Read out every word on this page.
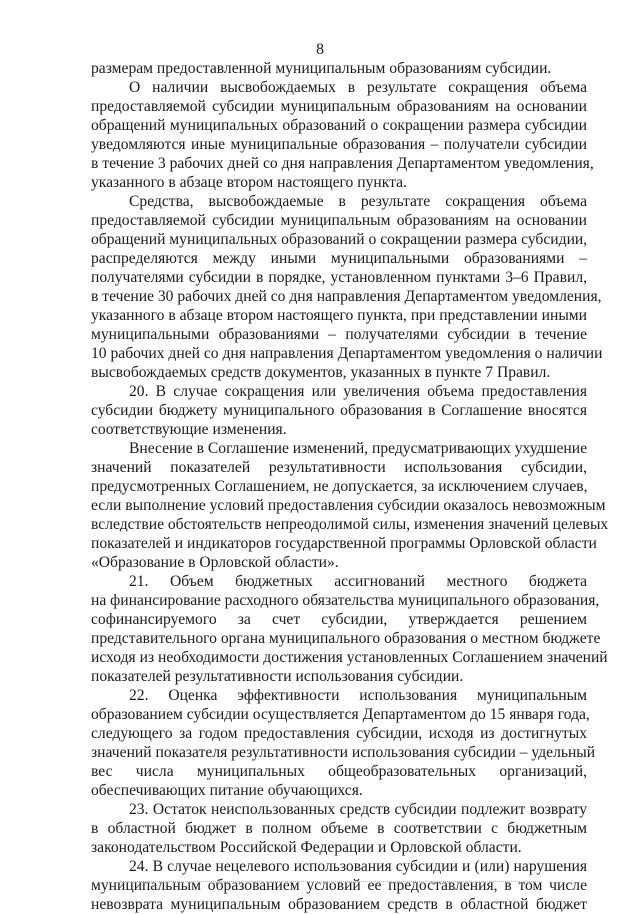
8
размерам предоставленной муниципальным образованиям субсидии.
О наличии высвобождаемых в результате сокращения объема
предоставляемой субсидии муниципальным образованиям на основании
обращений муниципальных образований о сокращении размера субсидии
уведомляются иные муниципальные образования – получатели субсидии
в течение 3 рабочих дней со дня направления Департаментом уведомления,
указанного в абзаце втором настоящего пункта.
Средства, высвобождаемые в результате сокращения объема
предоставляемой субсидии муниципальным образованиям на основании
обращений муниципальных образований о сокращении размера субсидии,
распределяются между иными муниципальными образованиями –
получателями субсидии в порядке, установленном пунктами 3–6 Правил,
в течение 30 рабочих дней со дня направления Департаментом уведомления,
указанного в абзаце втором настоящего пункта, при представлении иными
муниципальными образованиями – получателями субсидии в течение
10 рабочих дней со дня направления Департаментом уведомления о наличии
высвобождаемых средств документов, указанных в пункте 7 Правил.
20. В случае сокращения или увеличения объема предоставления
субсидии бюджету муниципального образования в Соглашение вносятся
соответствующие изменения.
Внесение в Соглашение изменений, предусматривающих ухудшение
значений показателей результативности использования субсидии,
предусмотренных Соглашением, не допускается, за исключением случаев,
если выполнение условий предоставления субсидии оказалось невозможным
вследствие обстоятельств непреодолимой силы, изменения значений целевых
показателей и индикаторов государственной программы Орловской области
«Образование в Орловской области».
21. Объем бюджетных ассигнований местного бюджета
на финансирование расходного обязательства муниципального образования,
софинансируемого за счет субсидии, утверждается решением
представительного органа муниципального образования о местном бюджете
исходя из необходимости достижения установленных Соглашением значений
показателей результативности использования субсидии.
22. Оценка эффективности использования муниципальным
образованием субсидии осуществляется Департаментом до 15 января года,
следующего за годом предоставления субсидии, исходя из достигнутых
значений показателя результативности использования субсидии – удельный
вес числа муниципальных общеобразовательных организаций,
обеспечивающих питание обучающихся.
23. Остаток неиспользованных средств субсидии подлежит возврату
в областной бюджет в полном объеме в соответствии с бюджетным
законодательством Российской Федерации и Орловской области.
24. В случае нецелевого использования субсидии и (или) нарушения
муниципальным образованием условий ее предоставления, в том числе
невозврата муниципальным образованием средств в областной бюджет
